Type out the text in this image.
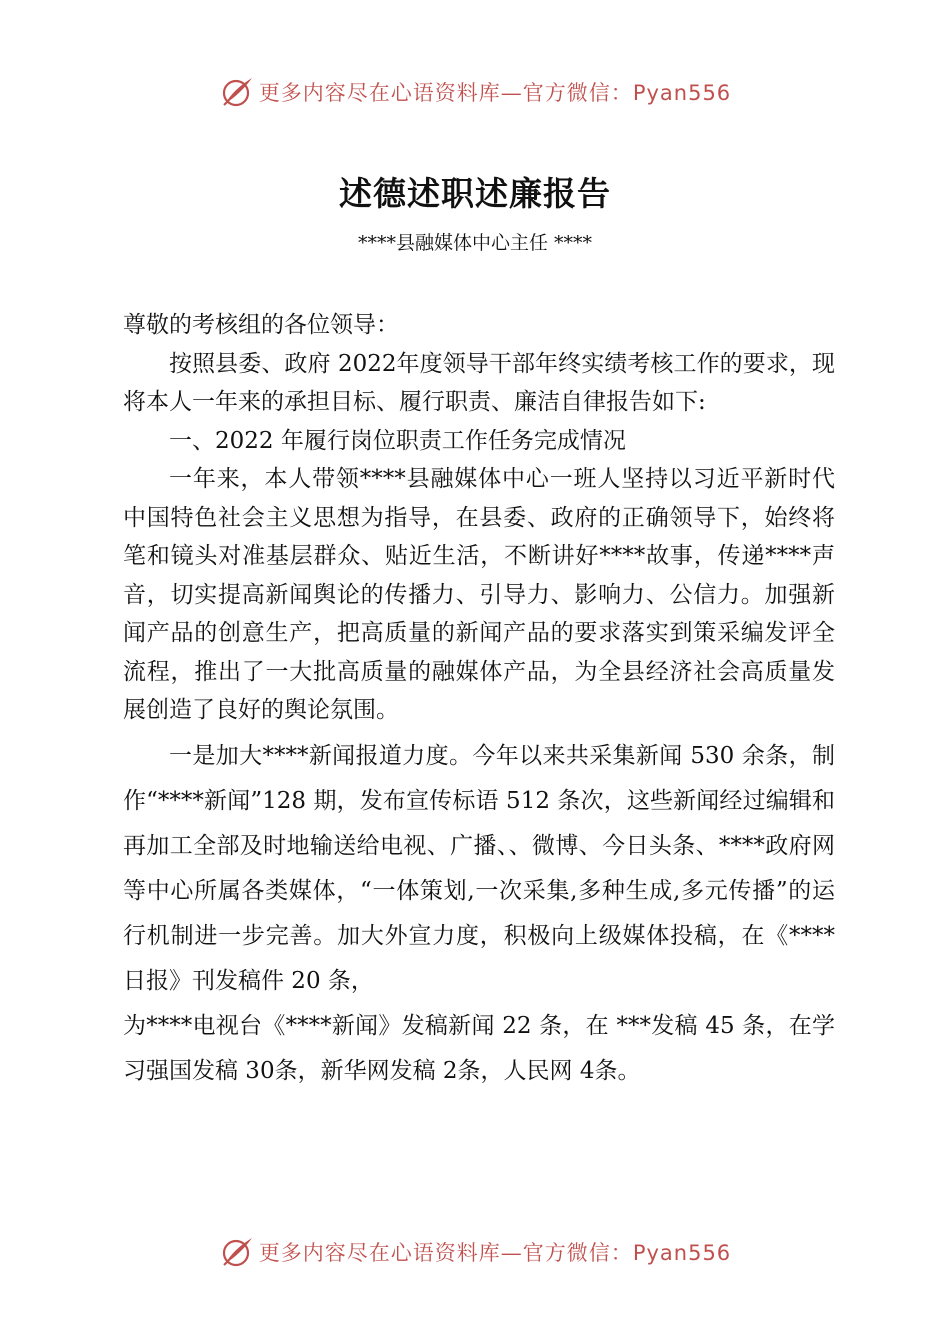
更多内容尽在心语资料库—官方微信：Pyan556
述德述职述廉报告
****县融媒体中心主任 ****

尊敬的考核组的各位领导：

按照县委、政府 2022年度领导干部年终实绩考核工作的要求，现将本人一年来的承担目标、履行职责、廉洁自律报告如下:

一、2022 年履行岗位职责工作任务完成情况

一年来，本人带领****县融媒体中心一班人坚持以习近平新时代中国特色社会主义思想为指导，在县委、政府的正确领导下，始终将笔和镜头对准基层群众、贴近生活，不断讲好****故事，传递****声音，切实提高新闻舆论的传播力、引导力、影响力、公信力。加强新闻产品的创意生产，把高质量的新闻产品的要求落实到策采编发评全流程，推出了一大批高质量的融媒体产品，为全县经济社会高质量发展创造了良好的舆论氛围。

一是加大****新闻报道力度。今年以来共采集新闻 530 余条，制作“****新闻”128 期，发布宣传标语 512 条次，这些新闻经过编辑和再加工全部及时地输送给电视、广播、、微博、今日头条、****政府网等中心所属各类媒体，“一体策划,一次采集,多种生成,多元传播”的运行机制进一步完善。加大外宣力度，积极向上级媒体投稿，在《****日报》刊发稿件 20 条，

为****电视台《****新闻》发稿新闻 22 条，在 ***发稿 45 条，在学习强国发稿 30条，新华网发稿 2条，人民网 4条。

更多内容尽在心语资料库—官方微信：Pyan556
